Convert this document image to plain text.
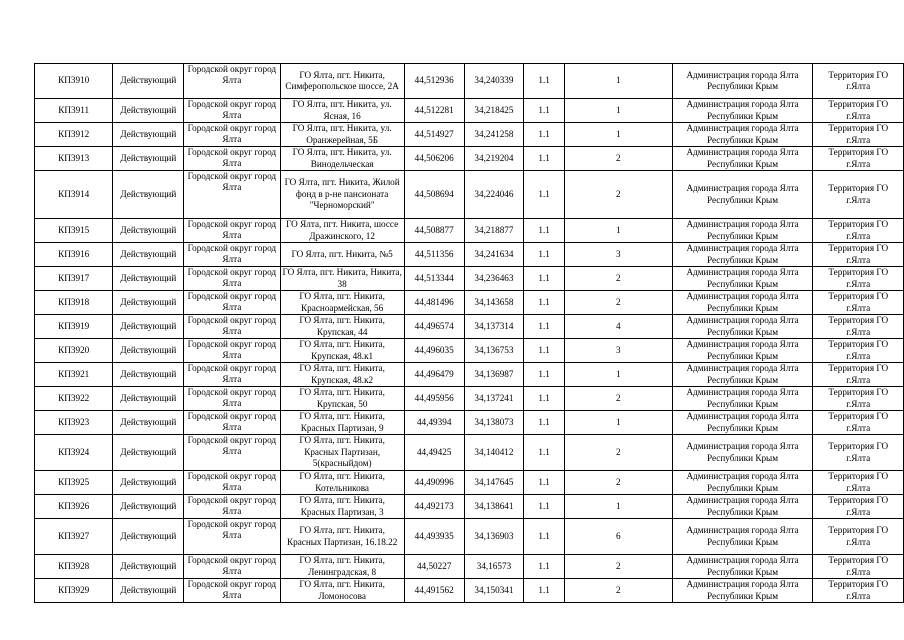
КП3910	Действующий	Городской округ город Ялта	ГО Ялта, пгт. Никита, Симферопольское шоссе, 2А	44,512936	34,240339	1.1	1	Администрация города Ялта Республики Крым	Территория ГО г.Ялта
КП3911	Действующий	Городской округ город Ялта	ГО Ялта, пгт. Никита, ул. Ясная, 16	44,512281	34,218425	1.1	1	Администрация города Ялта Республики Крым	Территория ГО г.Ялта
КП3912	Действующий	Городской округ город Ялта	ГО Ялта, пгт. Никита, ул. Оранжерейная, 5Б	44,514927	34,241258	1.1	1	Администрация города Ялта Республики Крым	Территория ГО г.Ялта
КП3913	Действующий	Городской округ город Ялта	ГО Ялта, пгт. Никита, ул. Винодельческая	44,506206	34,219204	1.1	2	Администрация города Ялта Республики Крым	Территория ГО г.Ялта
КП3914	Действующий	Городской округ город Ялта	ГО Ялта, пгт. Никита, Жилой фонд в р-не пансионата "Черноморский"	44,508694	34,224046	1.1	2	Администрация города Ялта Республики Крым	Территория ГО г.Ялта
КП3915	Действующий	Городской округ город Ялта	ГО Ялта, пгт. Никита, шоссе Дражинского, 12	44,508877	34,218877	1.1	1	Администрация города Ялта Республики Крым	Территория ГО г.Ялта
КП3916	Действующий	Городской округ город Ялта	ГО Ялта, пгт. Никита, №5	44,511356	34,241634	1.1	3	Администрация города Ялта Республики Крым	Территория ГО г.Ялта
КП3917	Действующий	Городской округ город Ялта	ГО Ялта, пгт. Никита, Никита, 38	44,513344	34,236463	1.1	2	Администрация города Ялта Республики Крым	Территория ГО г.Ялта
КП3918	Действующий	Городской округ город Ялта	ГО Ялта, пгт. Никита, Красноармейская, 56	44,481496	34,143658	1.1	2	Администрация города Ялта Республики Крым	Территория ГО г.Ялта
КП3919	Действующий	Городской округ город Ялта	ГО Ялта, пгт. Никита, Крупская, 44	44,496574	34,137314	1.1	4	Администрация города Ялта Республики Крым	Территория ГО г.Ялта
КП3920	Действующий	Городской округ город Ялта	ГО Ялта, пгт. Никита, Крупская, 48.к1	44,496035	34,136753	1.1	3	Администрация города Ялта Республики Крым	Территория ГО г.Ялта
КП3921	Действующий	Городской округ город Ялта	ГО Ялта, пгт. Никита, Крупская, 48.к2	44,496479	34,136987	1.1	1	Администрация города Ялта Республики Крым	Территория ГО г.Ялта
КП3922	Действующий	Городской округ город Ялта	ГО Ялта, пгт. Никита, Крупская, 50	44,495956	34,137241	1.1	2	Администрация города Ялта Республики Крым	Территория ГО г.Ялта
КП3923	Действующий	Городской округ город Ялта	ГО Ялта, пгт. Никита, Красных Партизан, 9	44,49394	34,138073	1.1	1	Администрация города Ялта Республики Крым	Территория ГО г.Ялта
КП3924	Действующий	Городской округ город Ялта	ГО Ялта, пгт. Никита, Красных Партизан, 5(красныйдом)	44,49425	34,140412	1.1	2	Администрация города Ялта Республики Крым	Территория ГО г.Ялта
КП3925	Действующий	Городской округ город Ялта	ГО Ялта, пгт. Никита, Котельникова	44,490996	34,147645	1.1	2	Администрация города Ялта Республики Крым	Территория ГО г.Ялта
КП3926	Действующий	Городской округ город Ялта	ГО Ялта, пгт. Никита, Красных Партизан, 3	44,492173	34,138641	1.1	1	Администрация города Ялта Республики Крым	Территория ГО г.Ялта
КП3927	Действующий	Городской округ город Ялта	ГО Ялта, пгт. Никита, Красных Партизан, 16.18.22	44,493935	34,136903	1.1	6	Администрация города Ялта Республики Крым	Территория ГО г.Ялта
КП3928	Действующий	Городской округ город Ялта	ГО Ялта, пгт. Никита, Ленинградская, 8	44,50227	34,16573	1.1	2	Администрация города Ялта Республики Крым	Территория ГО г.Ялта
КП3929	Действующий	Городской округ город Ялта	ГО Ялта, пгт. Никита, Ломоносова	44,491562	34,150341	1.1	2	Администрация города Ялта Республики Крым	Территория ГО г.Ялта
